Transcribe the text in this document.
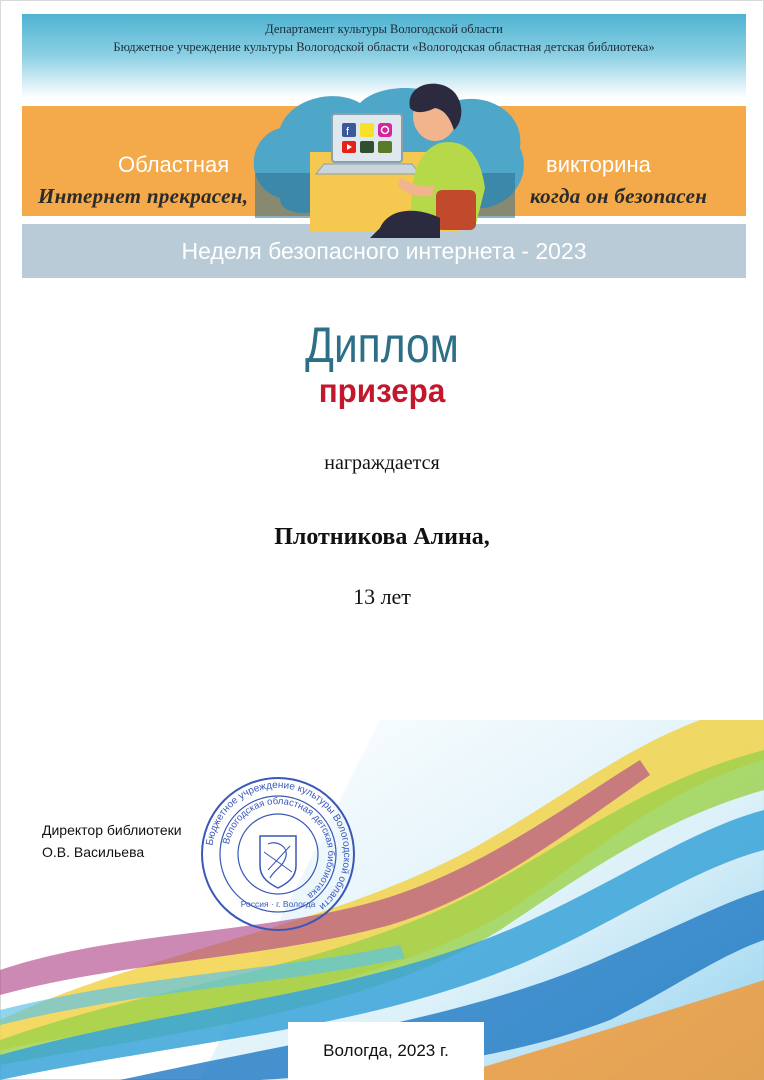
Департамент культуры Вологодской области
Бюджетное учреждение культуры Вологодской области «Вологодская областная детская библиотека»
Областная
Интернет прекрасен,
викторина
когда он безопасен
f
Неделя безопасного интернета - 2023
Диплом
призера
награждается
Плотникова Алина,
13 лет
Директор библиотеки
О.В. Васильева
Бюджетное учреждение культуры Вологодской области
Вологодская областная детская библиотека
Россия · г. Вологда
Вологда, 2023 г.
